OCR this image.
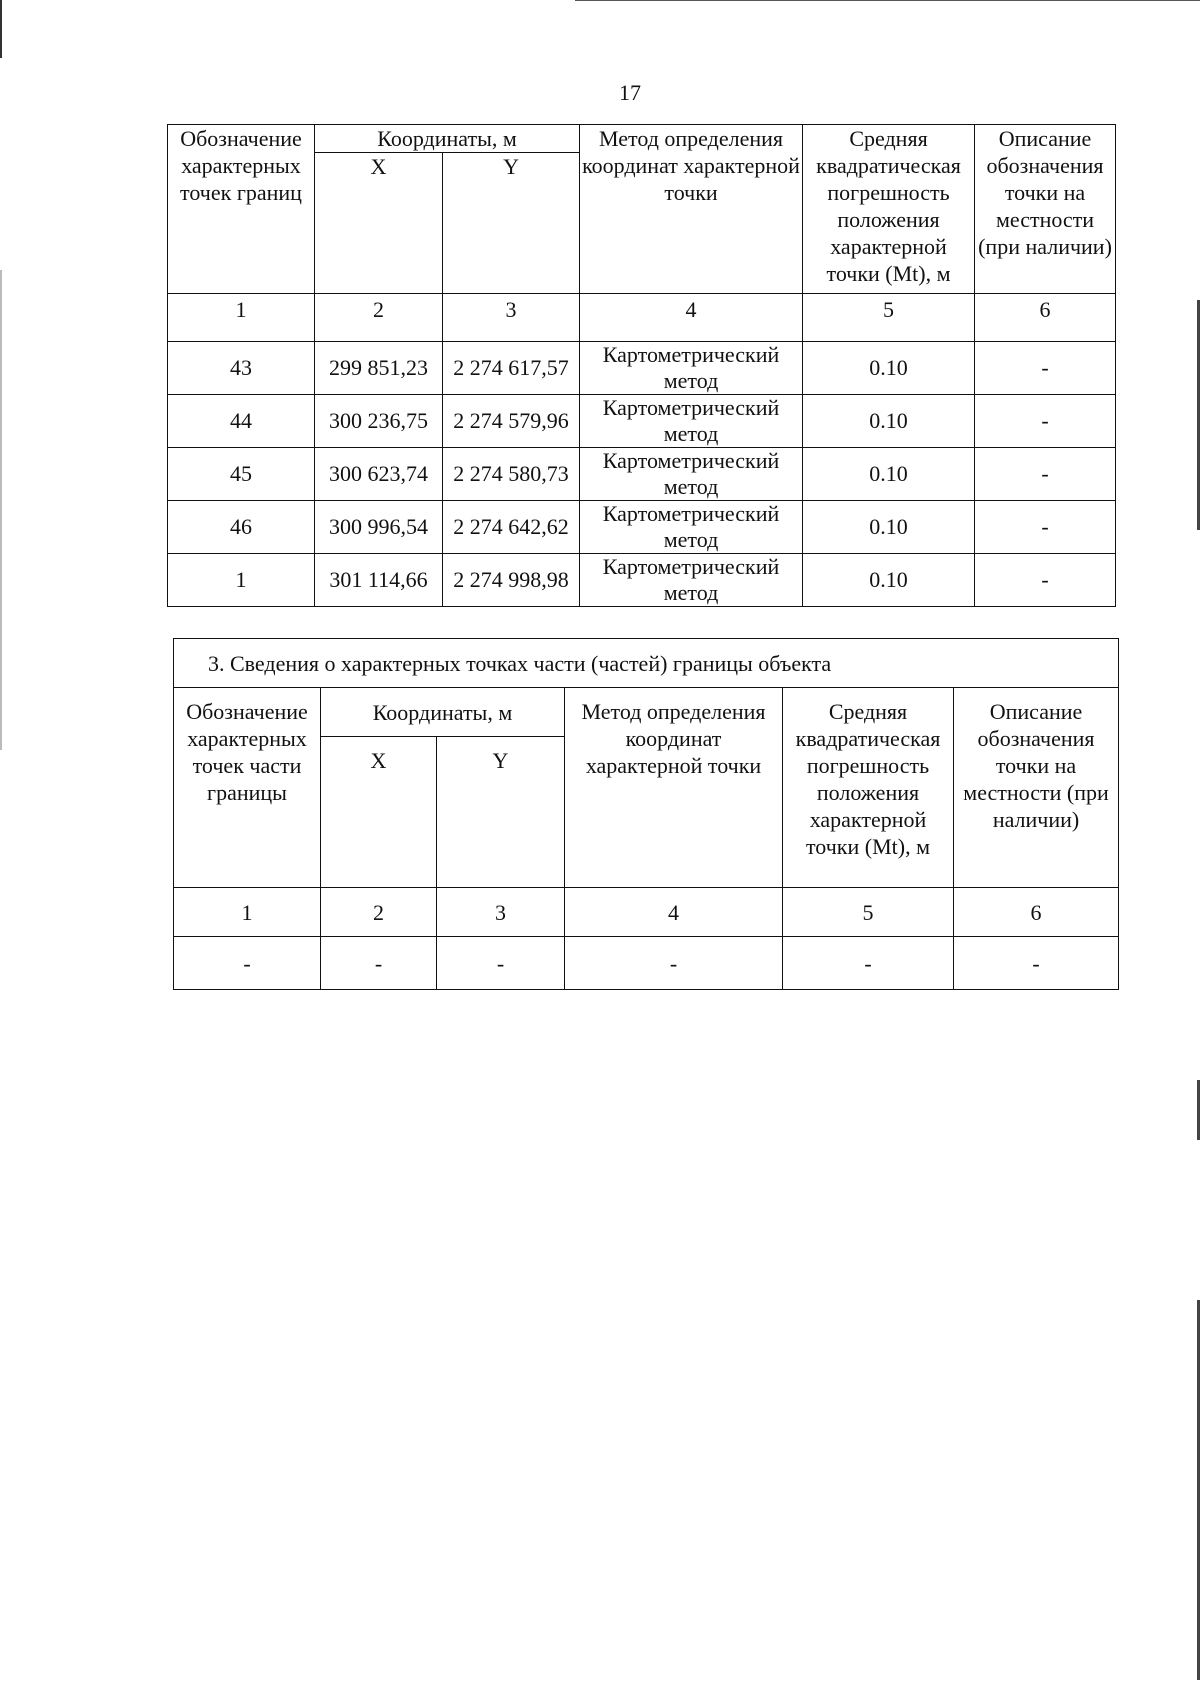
17
Обозначение характерных точек границ	Координаты, м		Метод определения координат характерной точки	Средняя квадратическая погрешность положения характерной точки (Mt), м	Описание обозначения точки на местности (при наличии)
	X	Y			
1	2	3	4	5	6
43	299 851,23	2 274 617,57	Картометрический метод	0.10	-
44	300 236,75	2 274 579,96	Картометрический метод	0.10	-
45	300 623,74	2 274 580,73	Картометрический метод	0.10	-
46	300 996,54	2 274 642,62	Картометрический метод	0.10	-
1	301 114,66	2 274 998,98	Картометрический метод	0.10	-
3. Сведения о характерных точках части (частей) границы объекта					
Обозначение характерных точек части границы	Координаты, м		Метод определения координат характерной точки	Средняя квадратическая погрешность положения характерной точки (Mt), м	Описание обозначения точки на местности (при наличии)
	X	Y			
1	2	3	4	5	6
-	-	-	-	-	-
